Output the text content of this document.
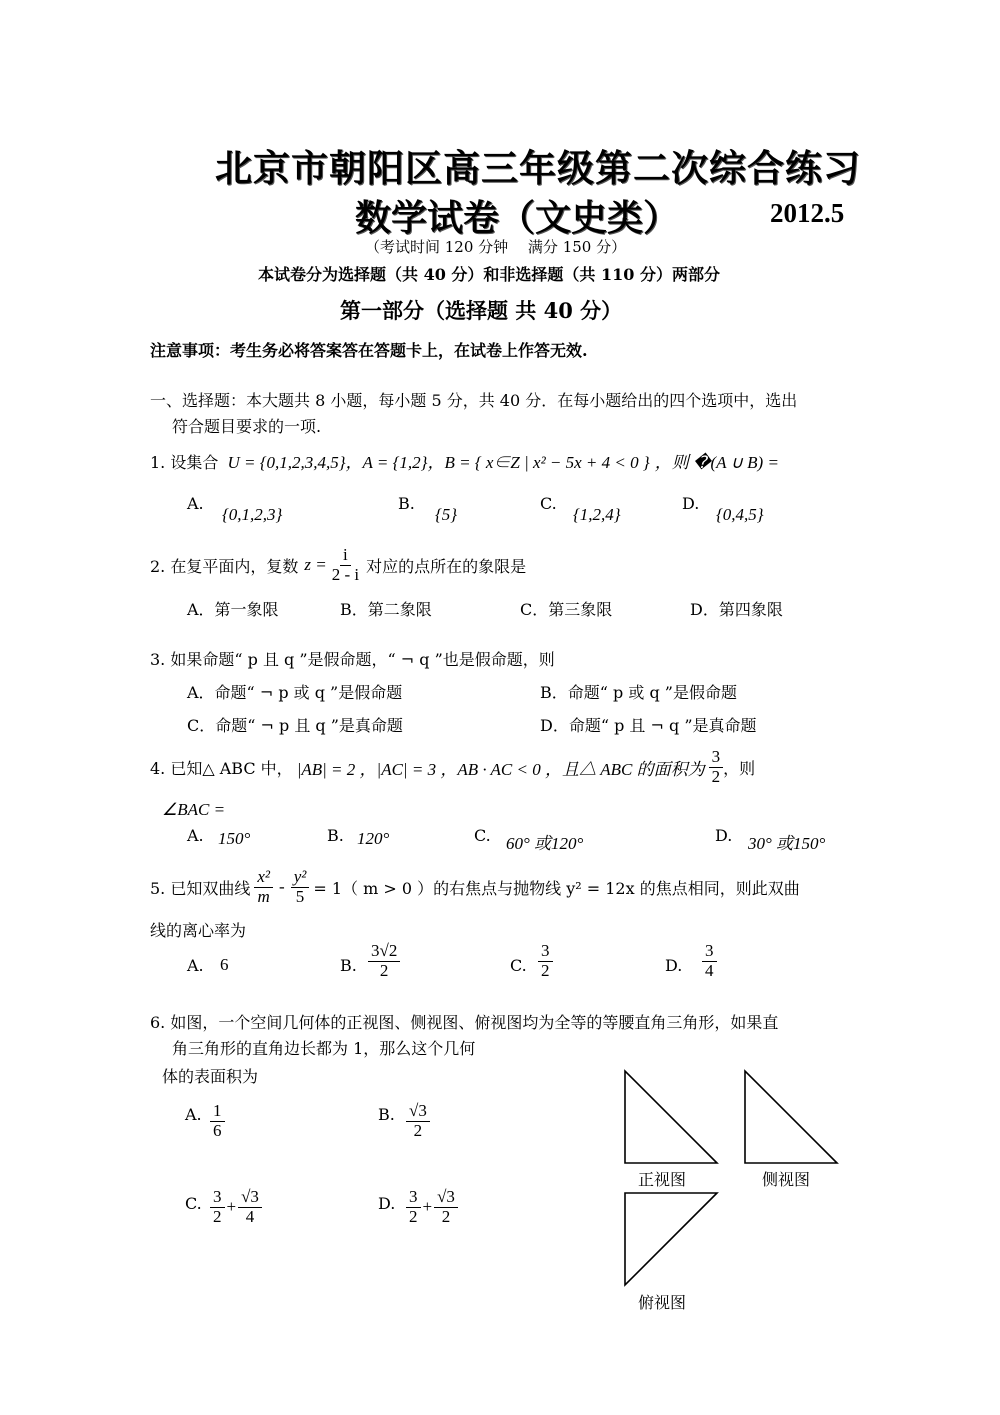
北京市朝阳区高三年级第二次综合练习
数学试卷（文史类）	2012.5
（考试时间 120 分钟　 满分 150 分）
本试卷分为选择题（共 40 分）和非选择题（共 110 分）两部分
第一部分（选择题 共 40 分）
注意事项：考生务必将答案答在答题卡上，在试卷上作答无效.
一、选择题：本大题共 8 小题，每小题 5 分，共 40 分．在每小题给出的四个选项中，选出
符合题目要求的一项.
1. 设集合 U = {0,1,2,3,4,5}，A = {1,2}，B = { x∈Z | x² − 5x + 4 < 0 } ，则 �(A ∪ B) =
A.
{0,1,2,3}
B.
{5}
C.
{1,2,4}
D.
{0,4,5}
2. 在复平面内，复数 $z = \frac{i}{2 - i}$ 对应的点所在的象限是
A．第一象限	B．第二象限	C．第三象限	D．第四象限
3. 如果命题“ p 且 q ”是假命题，“ ¬ q ”也是假命题，则
A．命题“ ¬ p 或 q ”是假命题	B．命题“ p 或 q ”是假命题
C．命题“ ¬ p 且 q ”是真命题	D．命题“ p 且 ¬ q ”是真命题
4. 已知△ ABC 中， |AB| = 2 ，|AC| = 3 ，AB · AC < 0 ，且△ ABC 的面积为 $\frac{3}{2}$ ，则
∠BAC =
A. 150°	B. 120°	C. 60° 或120°	D. 30° 或150°
5. 已知双曲线 $\frac{\text{x²}}{m} - \frac{\text{y²}}{5} = 1$（ m > 0 ）的右焦点与抛物线 y² = 12x 的焦点相同，则此双曲
线的离心率为
A. 6	B. $\frac{3√2}{2}$	C. $\frac{3}{2}$	D. $\frac{3}{4}$
6. 如图，一个空间几何体的正视图、侧视图、俯视图均为全等的等腰直角三角形，如果直
角三角形的直角边长都为 1，那么这个几何
体的表面积为
A. $\frac{1}{6}$	B. $\frac{√3}{2}$
C. $\frac{3}{2} + \frac{√3}{4}$	D. $\frac{3}{2} + \frac{√3}{2}$
正视图	侧视图
俯视图
